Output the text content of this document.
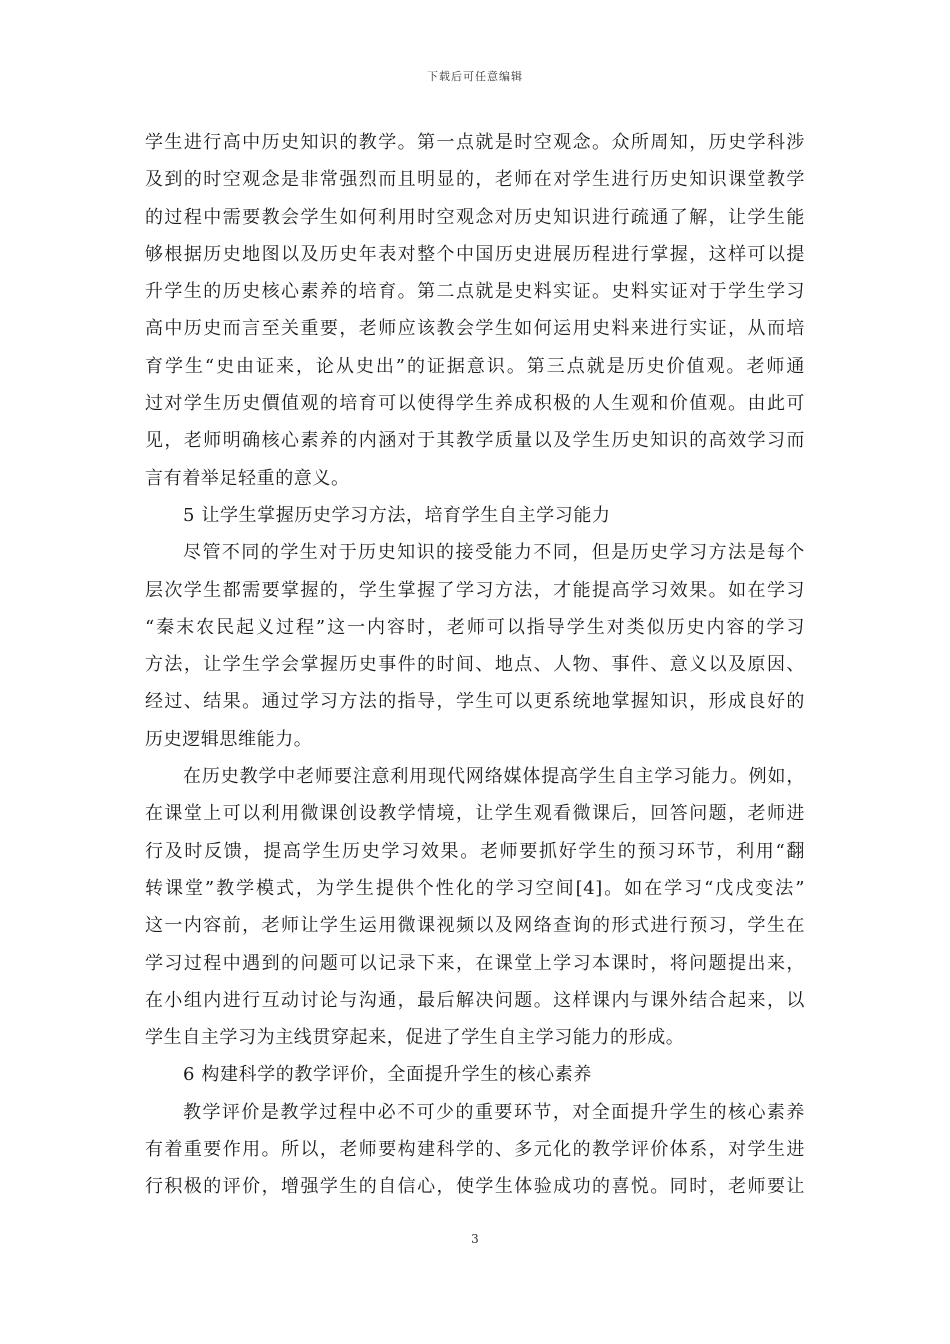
下载后可任意编辑
学生进行高中历史知识的教学。第一点就是时空观念。众所周知，历史学科涉
及到的时空观念是非常强烈而且明显的，老师在对学生进行历史知识课堂教学
的过程中需要教会学生如何利用时空观念对历史知识进行疏通了解，让学生能
够根据历史地图以及历史年表对整个中国历史进展历程进行掌握，这样可以提
升学生的历史核心素养的培育。第二点就是史料实证。史料实证对于学生学习
高中历史而言至关重要，老师应该教会学生如何运用史料来进行实证，从而培
育学生“史由证来，论从史出”的证据意识。第三点就是历史价值观。老师通
过对学生历史價值观的培育可以使得学生养成积极的人生观和价值观。由此可
见，老师明确核心素养的内涵对于其教学质量以及学生历史知识的高效学习而
言有着举足轻重的意义。
5 让学生掌握历史学习方法，培育学生自主学习能力
尽管不同的学生对于历史知识的接受能力不同，但是历史学习方法是每个
层次学生都需要掌握的，学生掌握了学习方法，才能提高学习效果。如在学习
“秦末农民起义过程”这一内容时，老师可以指导学生对类似历史内容的学习
方法，让学生学会掌握历史事件的时间、地点、人物、事件、意义以及原因、
经过、结果。通过学习方法的指导，学生可以更系统地掌握知识，形成良好的
历史逻辑思维能力。
在历史教学中老师要注意利用现代网络媒体提高学生自主学习能力。例如，
在课堂上可以利用微课创设教学情境，让学生观看微课后，回答问题，老师进
行及时反馈，提高学生历史学习效果。老师要抓好学生的预习环节，利用“翻
转课堂”教学模式，为学生提供个性化的学习空间[4]。如在学习“戊戌变法”
这一内容前，老师让学生运用微课视频以及网络查询的形式进行预习，学生在
学习过程中遇到的问题可以记录下来，在课堂上学习本课时，将问题提出来，
在小组内进行互动讨论与沟通，最后解决问题。这样课内与课外结合起来，以
学生自主学习为主线贯穿起来，促进了学生自主学习能力的形成。
6 构建科学的教学评价，全面提升学生的核心素养
教学评价是教学过程中必不可少的重要环节，对全面提升学生的核心素养
有着重要作用。所以，老师要构建科学的、多元化的教学评价体系，对学生进
行积极的评价，增强学生的自信心，使学生体验成功的喜悦。同时，老师要让
3
